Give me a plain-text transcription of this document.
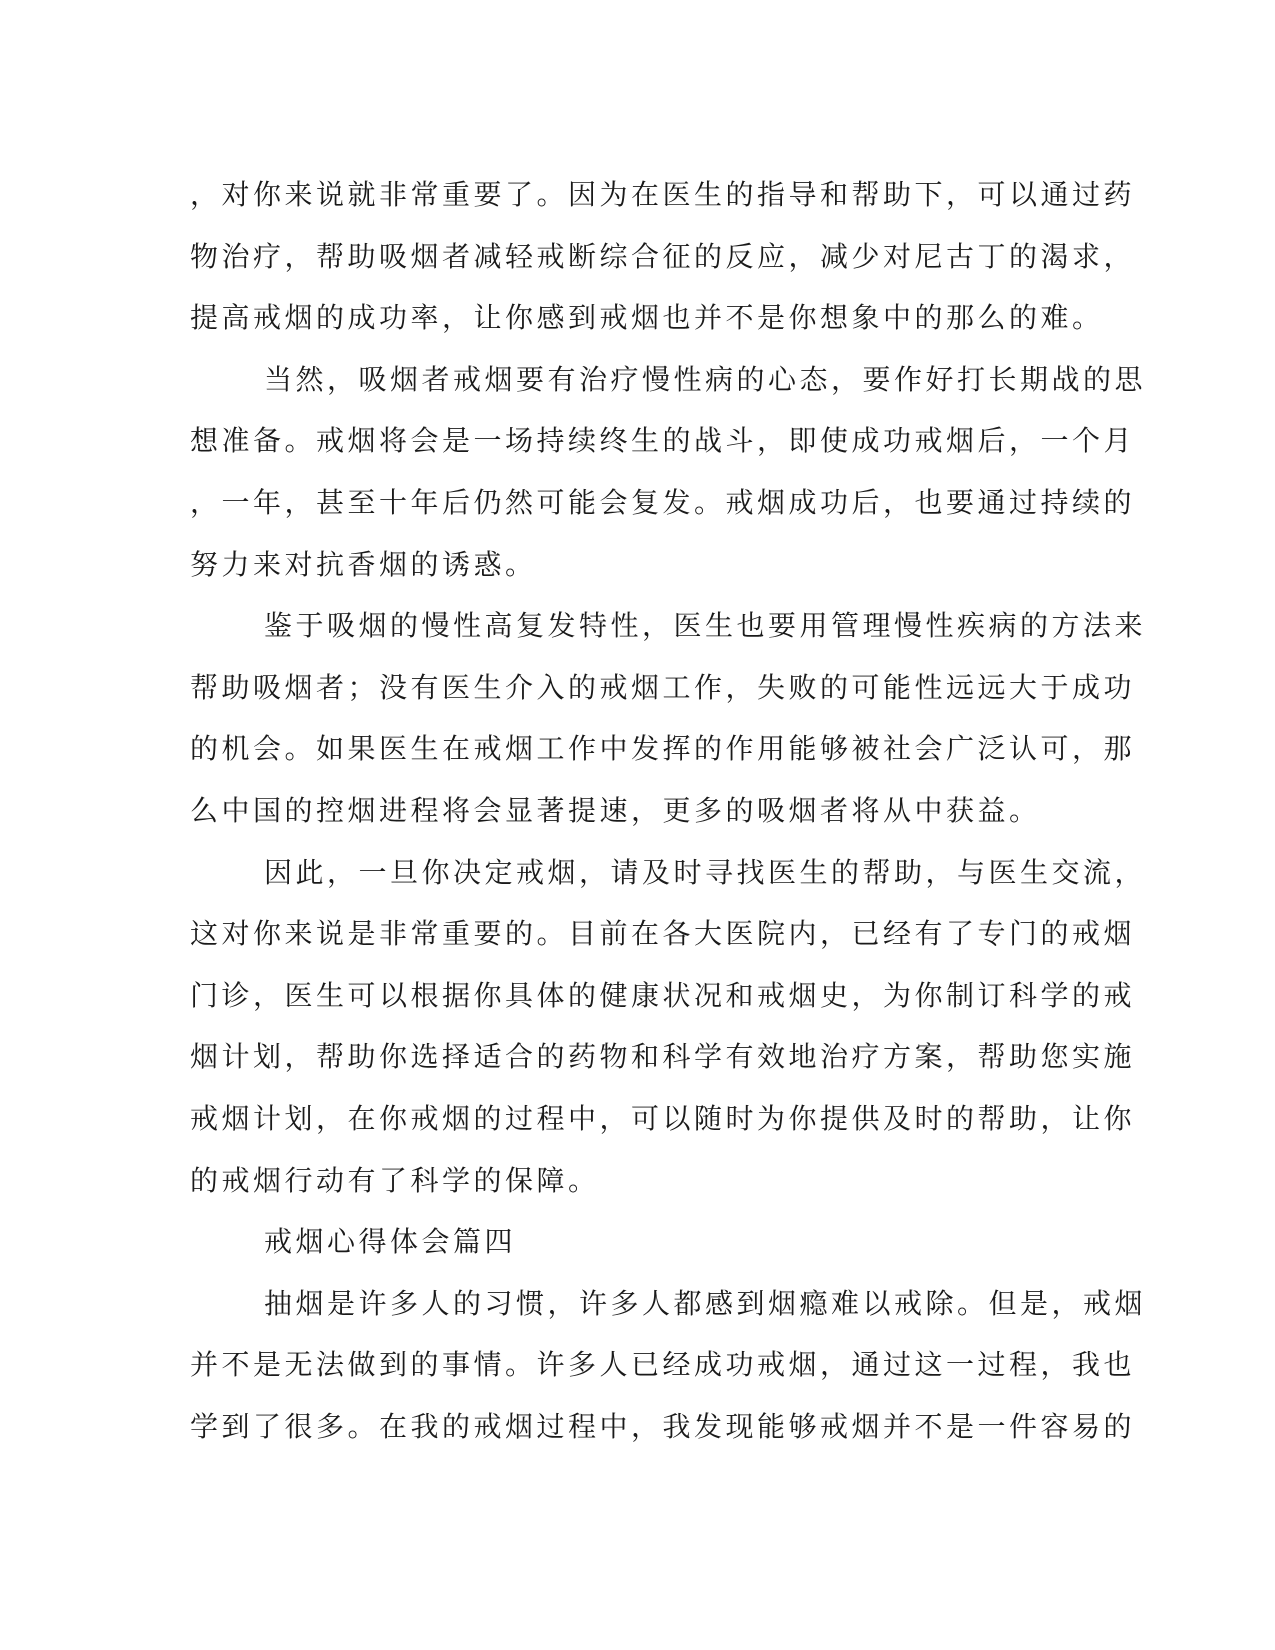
，对你来说就非常重要了。因为在医生的指导和帮助下，可以通过药
物治疗，帮助吸烟者减轻戒断综合征的反应，减少对尼古丁的渴求，
提高戒烟的成功率，让你感到戒烟也并不是你想象中的那么的难。
当然，吸烟者戒烟要有治疗慢性病的心态，要作好打长期战的思
想准备。戒烟将会是一场持续终生的战斗，即使成功戒烟后，一个月
，一年，甚至十年后仍然可能会复发。戒烟成功后，也要通过持续的
努力来对抗香烟的诱惑。
鉴于吸烟的慢性高复发特性，医生也要用管理慢性疾病的方法来
帮助吸烟者；没有医生介入的戒烟工作，失败的可能性远远大于成功
的机会。如果医生在戒烟工作中发挥的作用能够被社会广泛认可，那
么中国的控烟进程将会显著提速，更多的吸烟者将从中获益。
因此，一旦你决定戒烟，请及时寻找医生的帮助，与医生交流，
这对你来说是非常重要的。目前在各大医院内，已经有了专门的戒烟
门诊，医生可以根据你具体的健康状况和戒烟史，为你制订科学的戒
烟计划，帮助你选择适合的药物和科学有效地治疗方案，帮助您实施
戒烟计划，在你戒烟的过程中，可以随时为你提供及时的帮助，让你
的戒烟行动有了科学的保障。
戒烟心得体会篇四
抽烟是许多人的习惯，许多人都感到烟瘾难以戒除。但是，戒烟
并不是无法做到的事情。许多人已经成功戒烟，通过这一过程，我也
学到了很多。在我的戒烟过程中，我发现能够戒烟并不是一件容易的
